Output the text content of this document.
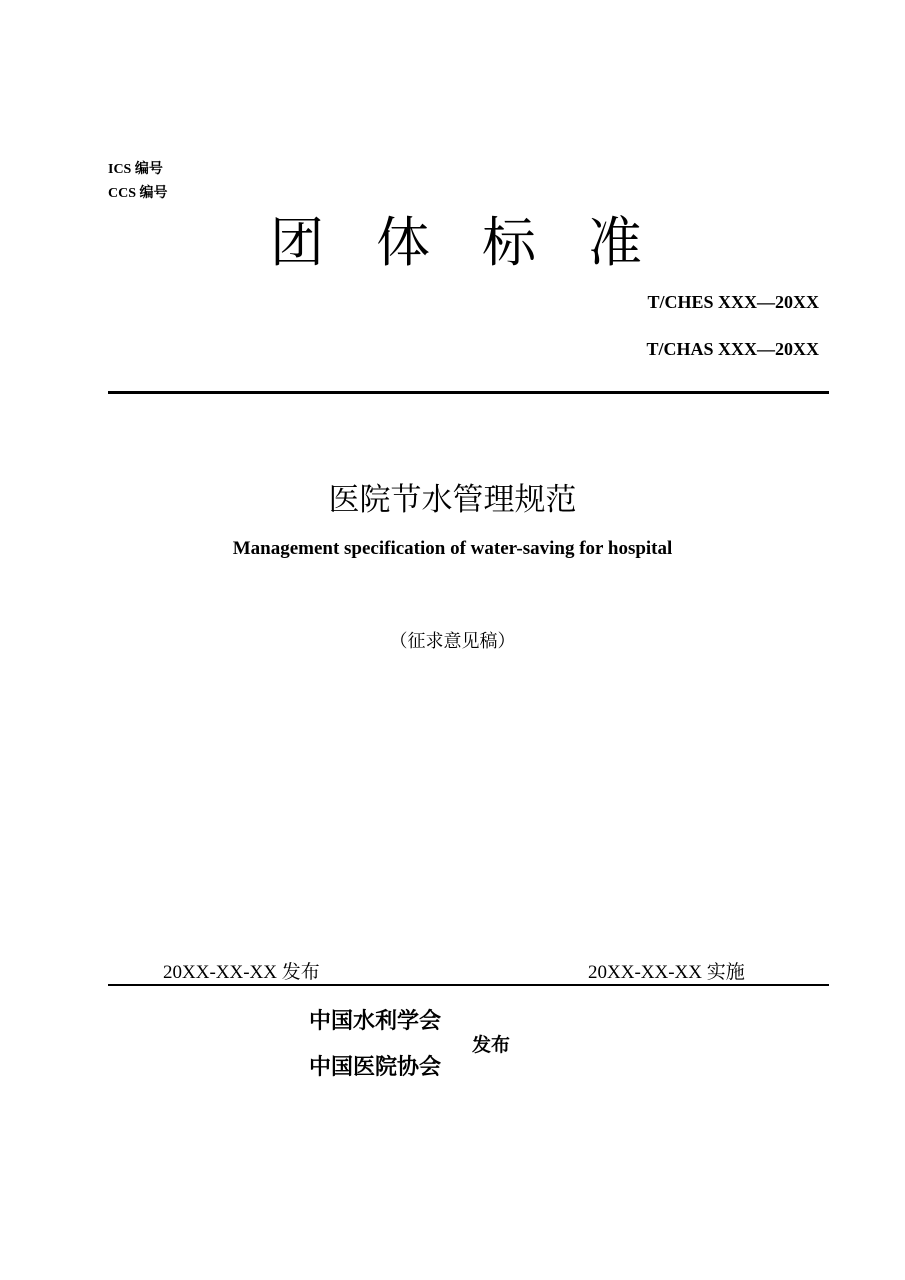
ICS 编号
CCS 编号
团体标准
T/CHES XXX—20XX
T/CHAS XXX—20XX
医院节水管理规范
Management specification of water-saving for hospital
（征求意见稿）
20XX-XX-XX 发布	20XX-XX-XX 实施
中国水利学会
中国医院协会
发布
